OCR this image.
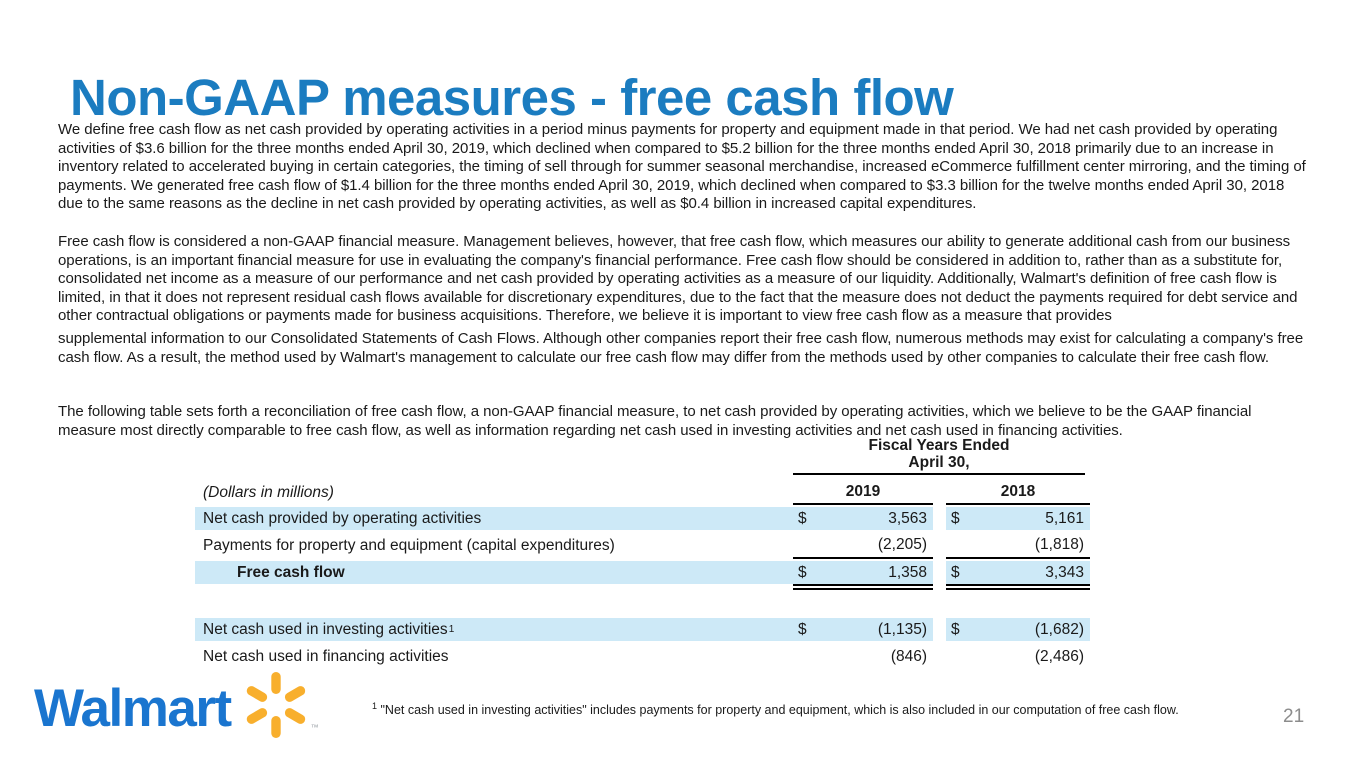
Non-GAAP measures - free cash flow

We define free cash flow as net cash provided by operating activities in a period minus payments for property and equipment made in that period. We had net cash provided by operating activities of $3.6 billion for the three months ended April 30, 2019, which declined when compared to $5.2 billion for the three months ended April 30, 2018 primarily due to an increase in inventory related to accelerated buying in certain categories, the timing of sell through for summer seasonal merchandise, increased eCommerce fulfillment center mirroring, and the timing of payments. We generated free cash flow of $1.4 billion for the three months ended April 30, 2019, which declined when compared to $3.3 billion for the twelve months ended April 30, 2018 due to the same reasons as the decline in net cash provided by operating activities, as well as $0.4 billion in increased capital expenditures.

Free cash flow is considered a non-GAAP financial measure. Management believes, however, that free cash flow, which measures our ability to generate additional cash from our business operations, is an important financial measure for use in evaluating the company's financial performance. Free cash flow should be considered in addition to, rather than as a substitute for, consolidated net income as a measure of our performance and net cash provided by operating activities as a measure of our liquidity. Additionally, Walmart's definition of free cash flow is limited, in that it does not represent residual cash flows available for discretionary expenditures, due to the fact that the measure does not deduct the payments required for debt service and other contractual obligations or payments made for business acquisitions. Therefore, we believe it is important to view free cash flow as a measure that provides

supplemental information to our Consolidated Statements of Cash Flows. Although other companies report their free cash flow, numerous methods may exist for calculating a company's free cash flow. As a result, the method used by Walmart's management to calculate our free cash flow may differ from the methods used by other companies to calculate their free cash flow.

The following table sets forth a reconciliation of free cash flow, a non-GAAP financial measure, to net cash provided by operating activities, which we believe to be the GAAP financial measure most directly comparable to free cash flow, as well as information regarding net cash used in investing activities and net cash used in financing activities.

Fiscal Years Ended
April 30,
(Dollars in millions)	2019	2018
Net cash provided by operating activities	$	3,563 $	5,161
Payments for property and equipment (capital expenditures)	(2,205)	(1,818)
Free cash flow	$	1,358 $	3,343
Net cash used in investing activities 1	$	(1,135) $	(1,682)
Net cash used in financing activities	(846)	(2,486)

$^1$ "Net cash used in investing activities" includes payments for property and equipment, which is also included in our computation of free cash flow.

Walmart	™
21
